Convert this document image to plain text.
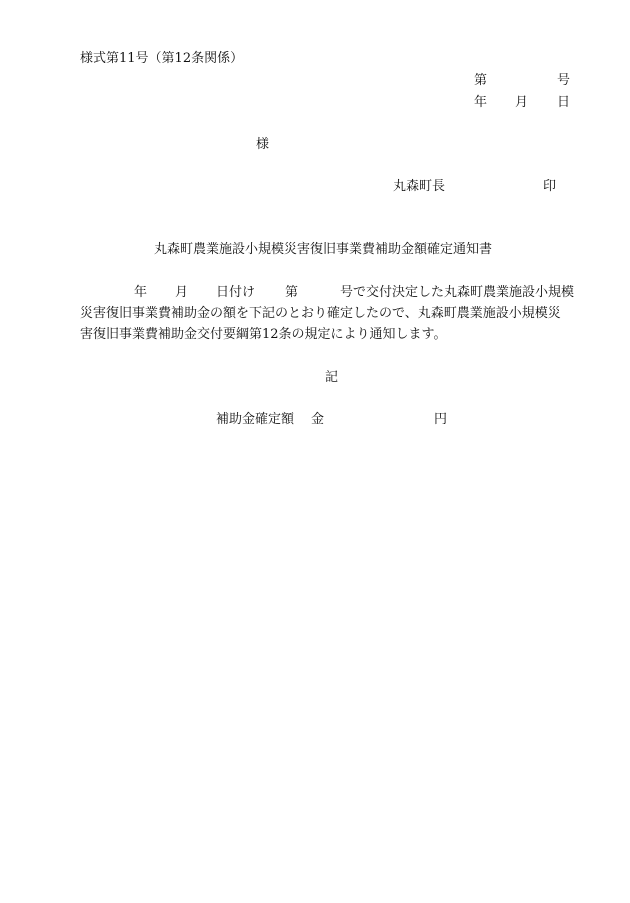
様式第11号（第12条関係）
第	号
年 月 日
様
丸森町長	印
丸森町農業施設小規模災害復旧事業費補助金額確定通知書
年 月 日付け 第	号で交付決定した丸森町農業施設小規模
災害復旧事業費補助金の額を下記のとおり確定したので、丸森町農業施設小規模災
害復旧事業費補助金交付要綱第12条の規定により通知します。
記
補助金確定額 金	円
